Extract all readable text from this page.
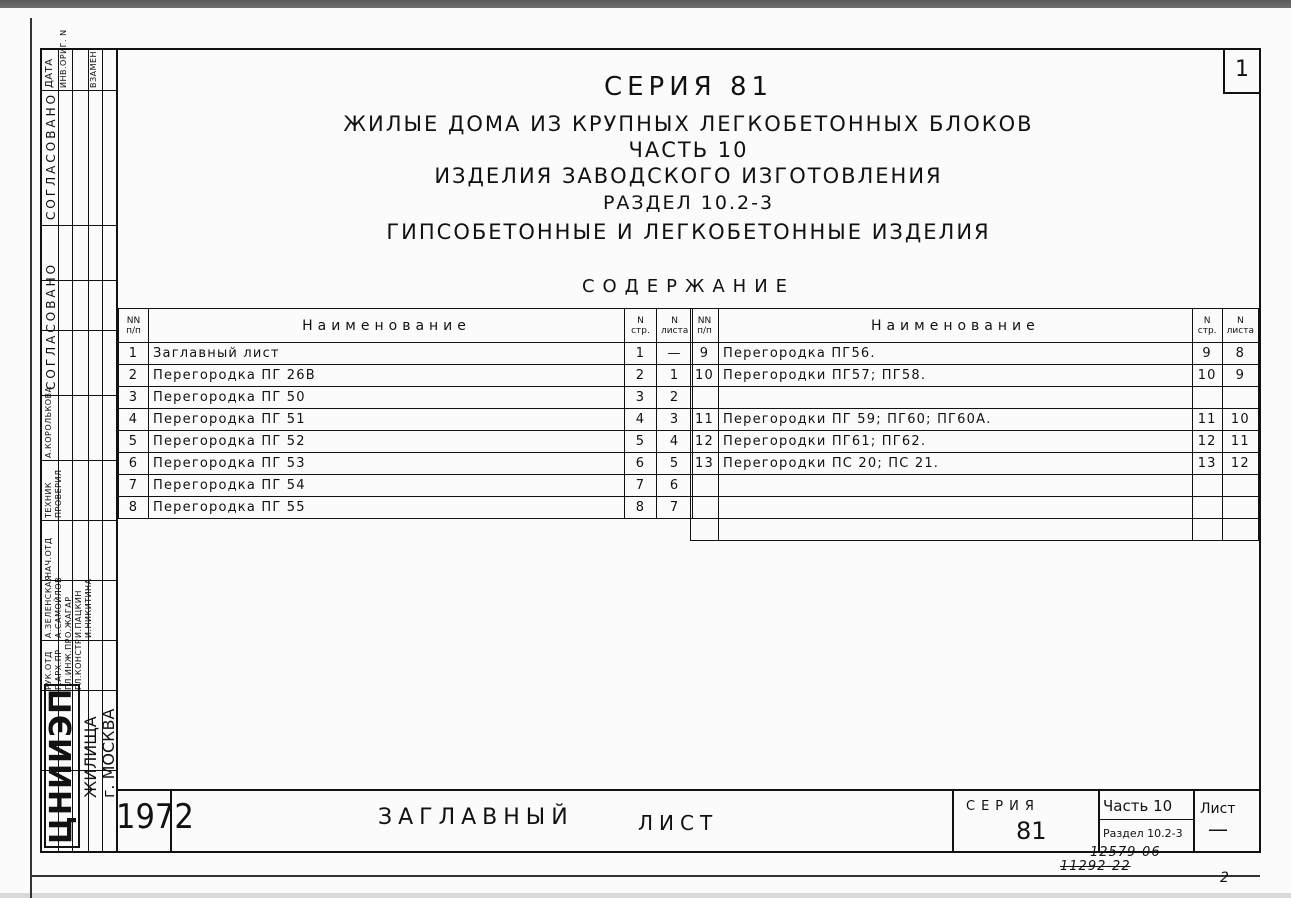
СОГЛАСОВАНО
СОГЛАСОВАНО
ДАТА ИНВ.ОРИГ. N	ВЗАМЕН
РУК.ОТД Г.АРХ.ПР ГЛ.ИНЖ.ПР ГЛ.КОНСТР
НАЧ.ОТД
ТЕХНИК ПРОВЕРИЛ
А.ЗЕЛЕНСКАЯ А.САМОЙЛОВ О.ЖАГАР И.ПАЦКИН И.НИКИТИНА
А.КОРОЛЬКОВА
ЦНИИЭП ЖИЛИЩА
г. МОСКВА
1
СЕРИЯ 81
ЖИЛЫЕ ДОМА ИЗ КРУПНЫХ ЛЕГКОБЕТОННЫХ БЛОКОВ
ЧАСТЬ 10
ИЗДЕЛИЯ ЗАВОДСКОГО ИЗГОТОВЛЕНИЯ
РАЗДЕЛ 10.2-3
ГИПСОБЕТОННЫЕ И ЛЕГКОБЕТОННЫЕ ИЗДЕЛИЯ
СОДЕРЖАНИЕ
NN п/п	Наименование	N стр.	N листа
1	Заглавный лист	1	—
2	Перегородка ПГ 26В	2	1
3	Перегородка ПГ 50	3	2
4	Перегородка ПГ 51	4	3
5	Перегородка ПГ 52	5	4
6	Перегородка ПГ 53	6	5
7	Перегородка ПГ 54	7	6
8	Перегородка ПГ 55	8	7
NN п/п	Наименование	N стр.	N листа
9	Перегородка ПГ56.	9	8
10	Перегородки ПГ57; ПГ58.	10	9

11	Перегородки ПГ 59; ПГ60; ПГ60А.	11	10
12	Перегородки ПГ61; ПГ62.	12	11
13	Перегородки ПС 20; ПС 21.	13	12

1972	ЗАГЛАВНЫЙ	ЛИСТ
СЕРИЯ
81
Часть 10
Раздел 10.2-3
Лист
—
12579-06
11292-22
2
